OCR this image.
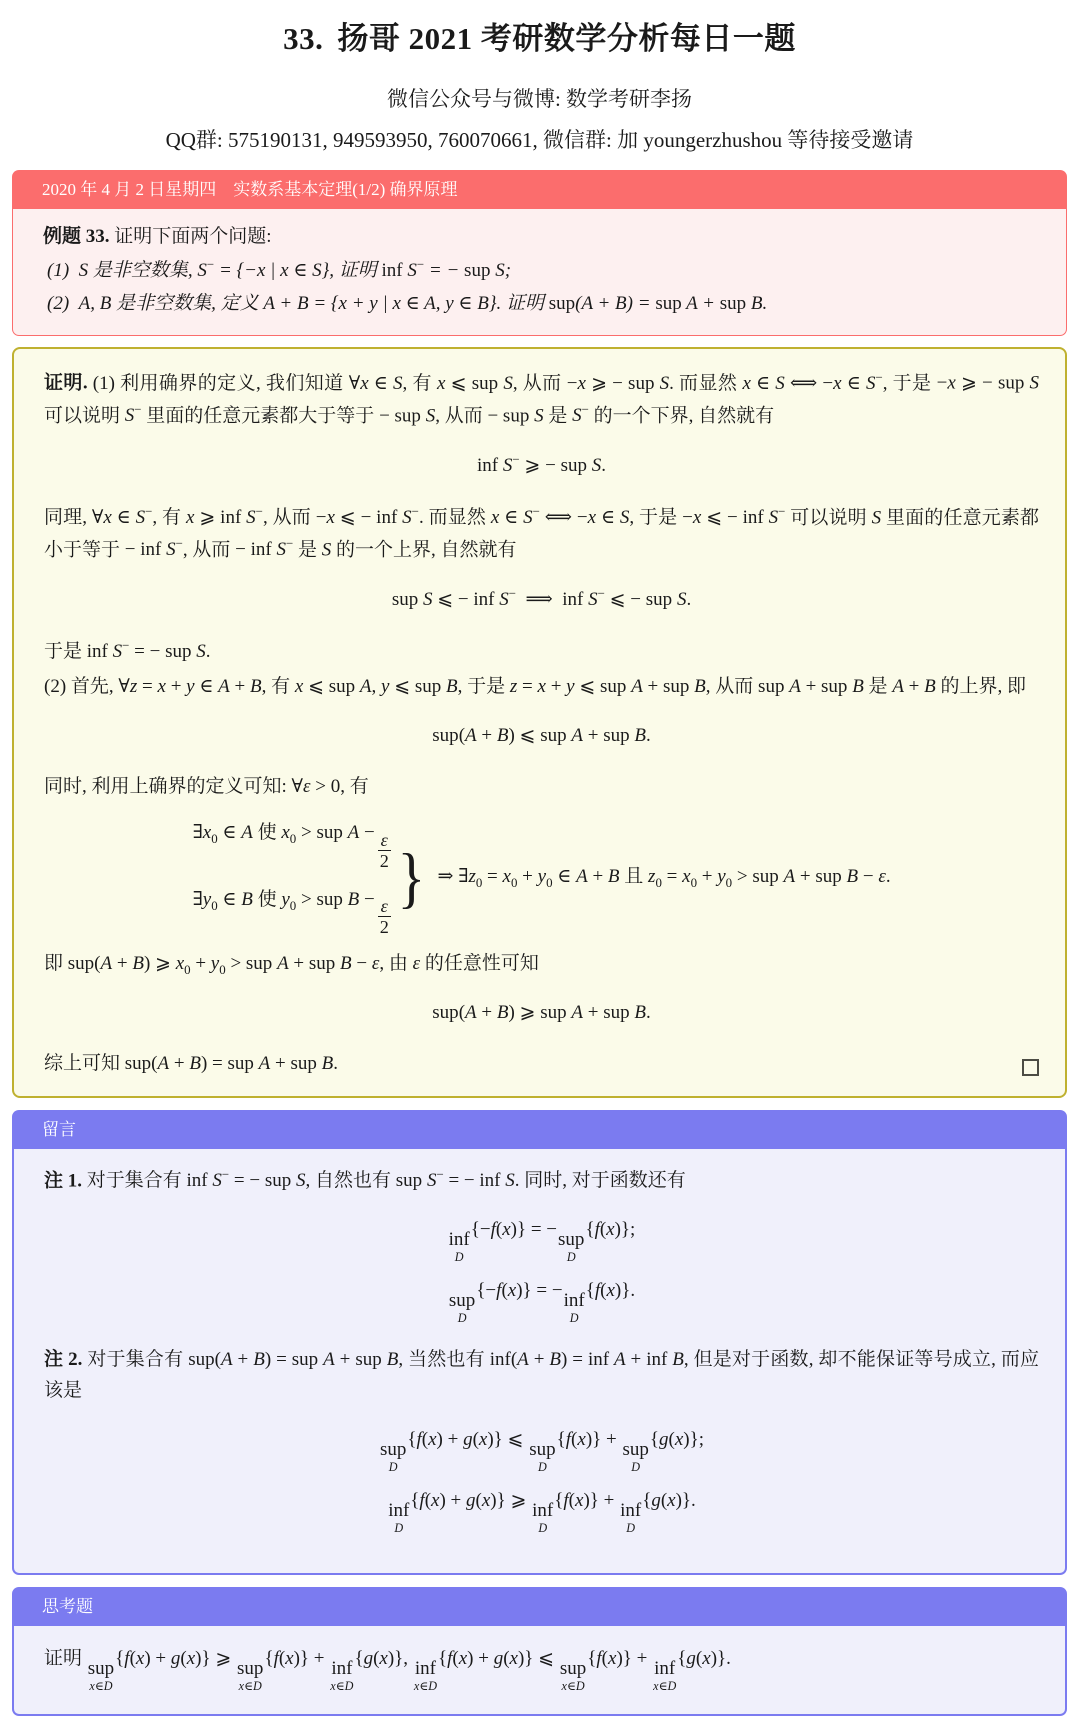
33. 扬哥 2021 考研数学分析每日一题
微信公众号与微博: 数学考研李扬
QQ群: 575190131, 949593950, 760070661, 微信群: 加 youngerzhushou 等待接受邀请
2020 年 4 月 2 日星期四　实数系基本定理(1/2) 确界原理
例题 33. 证明下面两个问题:
(1)  S 是非空数集, S− = {−x | x ∈ S}, 证明 inf S− = − sup S;
(2)  A, B 是非空数集, 定义 A + B = {x + y | x ∈ A, y ∈ B}. 证明 sup(A + B) = sup A + sup B.

证明. (1) 利用确界的定义, 我们知道 ∀x ∈ S, 有 x ⩽ sup S, 从而 −x ⩾ − sup S. 而显然 x ∈ S ⟺ −x ∈ S−, 于是 −x ⩾ − sup S 可以说明 S− 里面的任意元素都大于等于 − sup S, 从而 − sup S 是 S− 的一个下界, 自然就有

inf S− ⩾ − sup S.

同理, ∀x ∈ S−, 有 x ⩾ inf S−, 从而 −x ⩽ − inf S−. 而显然 x ∈ S− ⟺ −x ∈ S, 于是 −x ⩽ − inf S− 可以说明 S 里面的任意元素都小于等于 − inf S−, 从而 − inf S− 是 S 的一个上界, 自然就有

sup S ⩽ − inf S−  ⟹  inf S− ⩽ − sup S.

于是 inf S− = − sup S.

(2) 首先, ∀z = x + y ∈ A + B, 有 x ⩽ sup A, y ⩽ sup B, 于是 z = x + y ⩽ sup A + sup B, 从而 sup A + sup B 是 A + B 的上界, 即

sup(A + B) ⩽ sup A + sup B.

同时, 利用上确界的定义可知: ∀ε > 0, 有

$\exists x_0$ ∈ A 使 $x_0$ > sup $A - \frac{\varepsilon}{2}$
$\exists y_0$ ∈ B 使 $y_0$ > sup $B - \frac{\varepsilon}{2}$
} ⇒ $\exists z_0 = x_0 + y_0$ ∈ A + B 且 $z_0 = x_0 + y_0$ > sup A + sup B − ε.

即 sup(A + B) ⩾ $x_0 + y_0$ > sup A + sup B − ε, 由 ε 的任意性可知

sup(A + B) ⩾ sup A + sup B.
综上可知 sup(A + B) = sup A + sup B.
留言

注 1. 对于集合有 inf S− = − sup S, 自然也有 sup S− = − inf S. 同时, 对于函数还有

inf
D
{−f(x)} = − sup
D
{f(x)};
sup
D
{−f(x)} = − inf
D
{f(x)}.

注 2. 对于集合有 sup(A + B) = sup A + sup B, 当然也有 inf(A + B) = inf A + inf B, 但是对于函数, 却不能保证等号成立, 而应该是

sup
D
{f(x) + g(x)} ⩽ sup
D
{f(x)} + sup
D
{g(x)};
inf
D
{f(x) + g(x)} ⩾ inf
D
{f(x)} + inf
D
{g(x)}.
思考题
证明 sup
x∈D
{f(x) + g(x)} ⩾ sup
x∈D
{f(x)} + inf
x∈D
{g(x)}, inf
x∈D
{f(x) + g(x)} ⩽ sup
x∈D
{f(x)} + inf
x∈D
{g(x)}.
